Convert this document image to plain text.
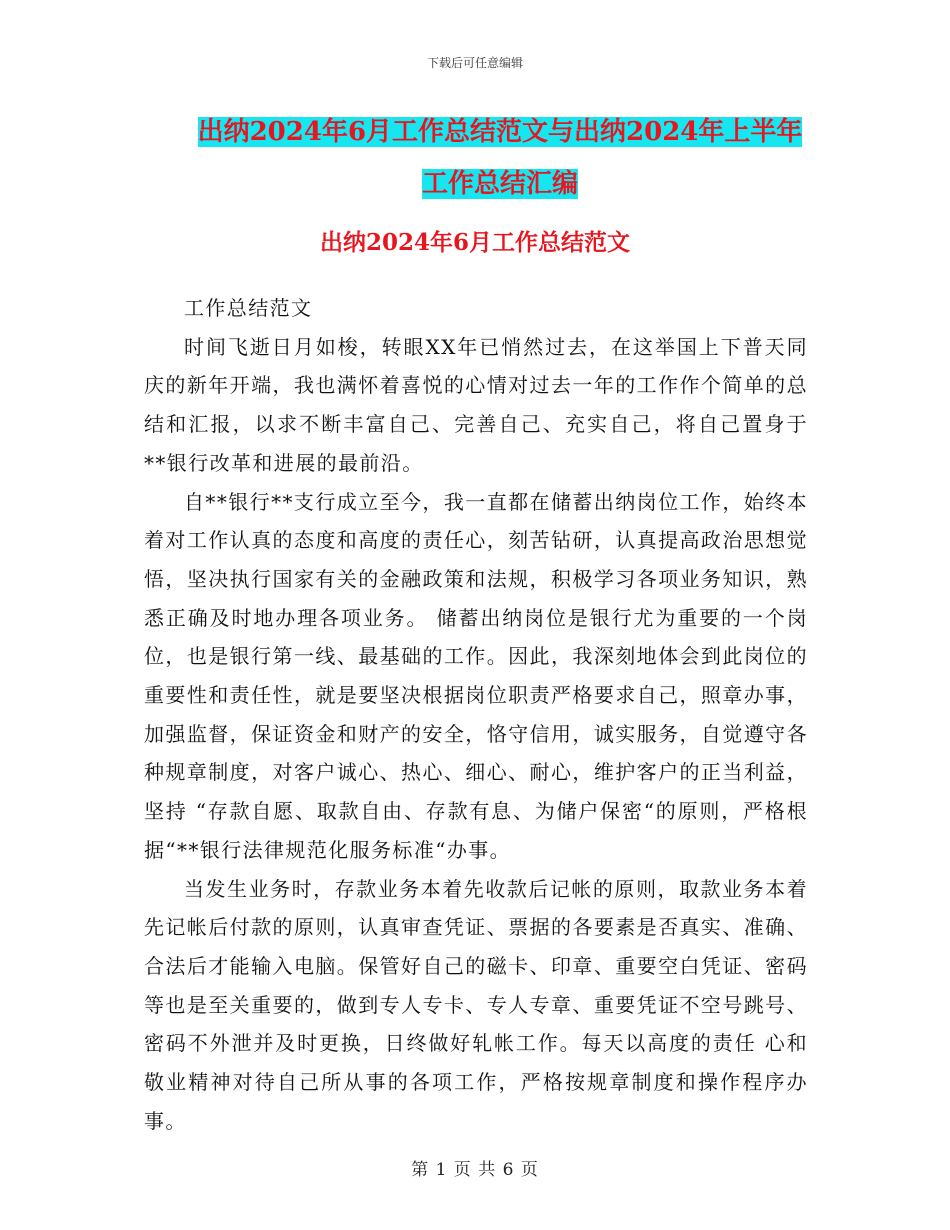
下载后可任意编辑
出纳2024年6月工作总结范文与出纳2024年上半年
工作总结汇编
出纳2024年6月工作总结范文

工作总结范文

时间飞逝日月如梭，转眼XX年已悄然过去，在这举国上下普天同庆的新年开端，我也满怀着喜悦的心情对过去一年的工作作个简单的总结和汇报，以求不断丰富自己、完善自己、充实自己，将自己置身于**银行改革和进展的最前沿。

自**银行**支行成立至今，我一直都在储蓄出纳岗位工作，始终本着对工作认真的态度和高度的责任心，刻苦钻研，认真提高政治思想觉悟，坚决执行国家有关的金融政策和法规，积极学习各项业务知识，熟悉正确及时地办理各项业务。 储蓄出纳岗位是银行尤为重要的一个岗位，也是银行第一线、最基础的工作。因此，我深刻地体会到此岗位的重要性和责任性，就是要坚决根据岗位职责严格要求自己，照章办事，加强监督，保证资金和财产的安全，恪守信用，诚实服务，自觉遵守各种规章制度，对客户诚心、热心、细心、耐心，维护客户的正当利益，坚持 “存款自愿、取款自由、存款有息、为储户保密“的原则，严格根据“**银行法律规范化服务标准“办事。

当发生业务时，存款业务本着先收款后记帐的原则，取款业务本着先记帐后付款的原则，认真审查凭证、票据的各要素是否真实、准确、合法后才能输入电脑。保管好自己的磁卡、印章、重要空白凭证、密码等也是至关重要的，做到专人专卡、专人专章、重要凭证不空号跳号、密码不外泄并及时更换，日终做好轧帐工作。每天以高度的责任 心和敬业精神对待自己所从事的各项工作，严格按规章制度和操作程序办事。

第 1 页 共 6 页
